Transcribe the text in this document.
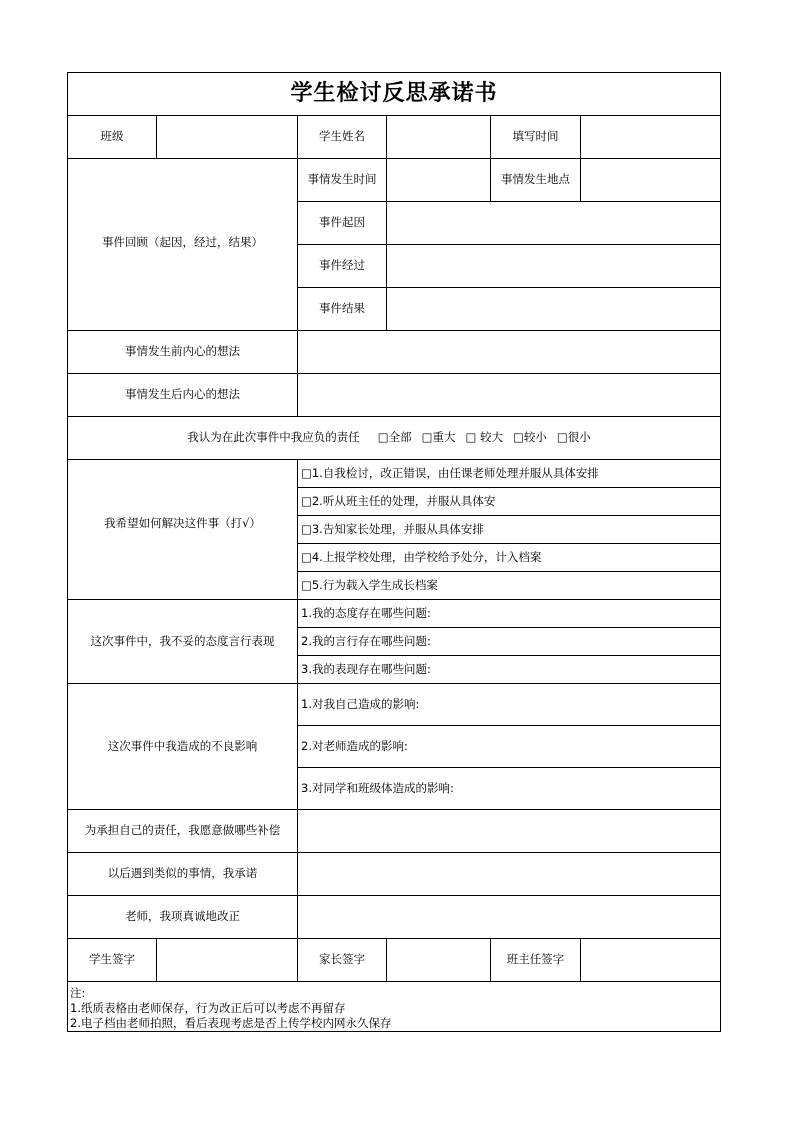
学生检讨反思承诺书
班级	学生姓名	填写时间
事件回顾（起因，经过，结果）
事情发生时间	事情发生地点
事件起因
事件经过
事件结果
事情发生前内心的想法
事情发生后内心的想法
我认为在此次事件中我应负的责任 □全部 □重大 □ 较大 □较小 □很小
我希望如何解决这件事（打√）
□1.自我检讨，改正错误，由任课老师处理并服从具体安排
□2.听从班主任的处理，并服从具体安
□3.告知家长处理，并服从具体安排
□4.上报学校处理，由学校给予处分，计入档案
□5.行为载入学生成长档案
这次事件中，我不妥的态度言行表现
1.我的态度存在哪些问题:
2.我的言行存在哪些问题:
3.我的表现存在哪些问题:
这次事件中我造成的不良影响
1.对我自己造成的影响:
2.对老师造成的影响:
3.对同学和班级体造成的影响:
为承担自己的责任，我愿意做哪些补偿
以后遇到类似的事情，我承诺
老师，我项真诚地改正
学生签字	家长签字	班主任签字
注:
1.纸质表格由老师保存，行为改正后可以考虑不再留存
2.电子档由老师拍照，看后表现考虑是否上传学校内网永久保存
